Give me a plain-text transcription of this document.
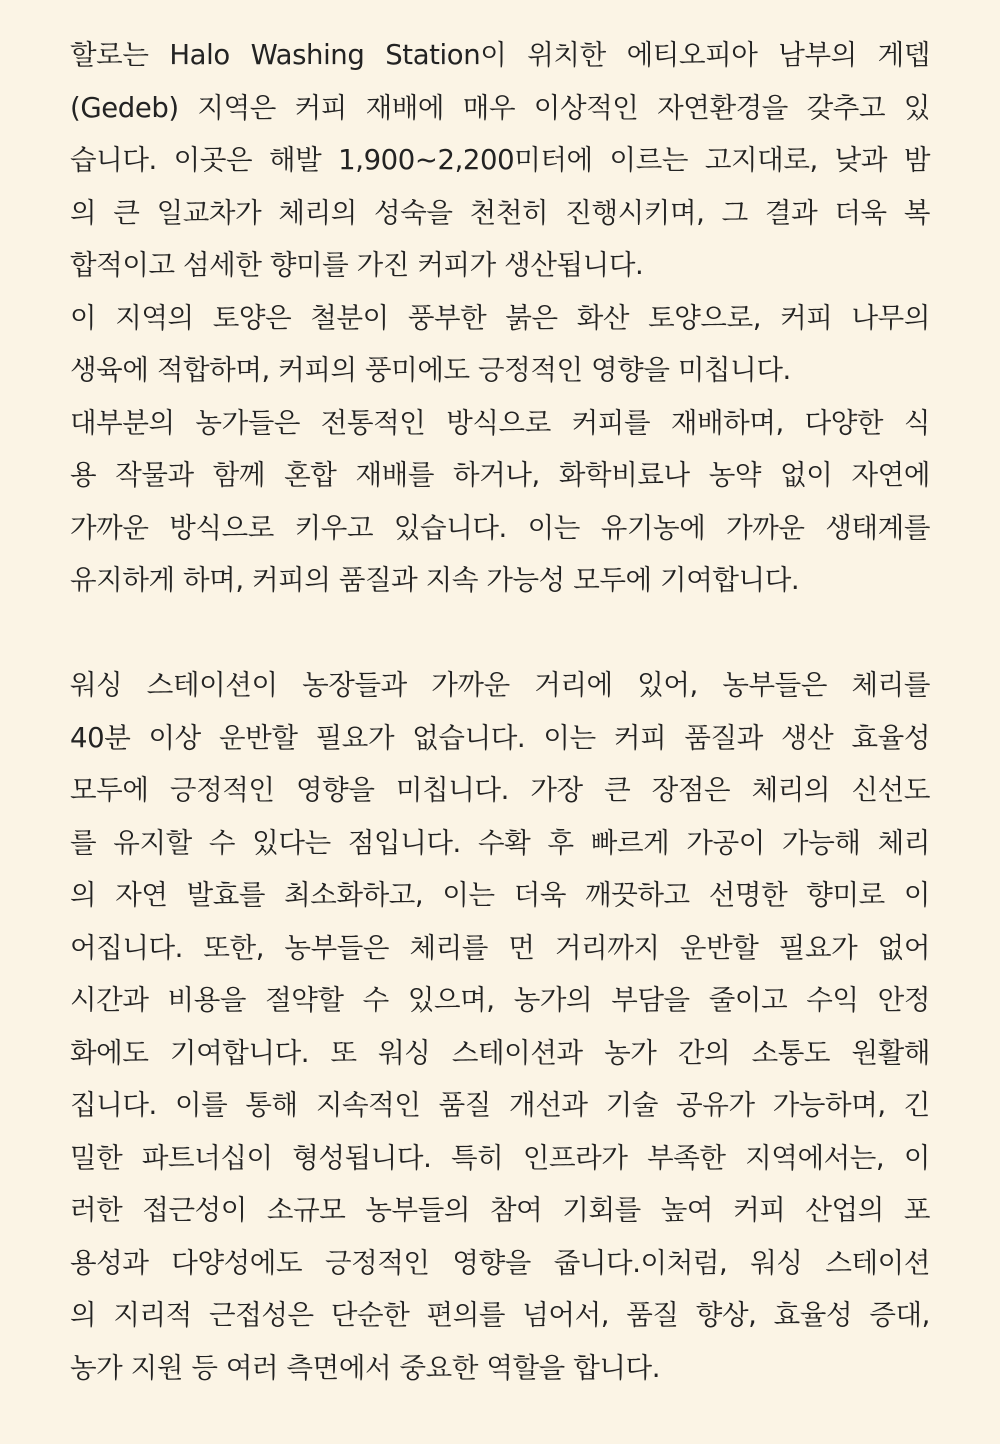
할로는 Halo Washing Station이 위치한 에티오피아 남부의 게뎁
(Gedeb) 지역은 커피 재배에 매우 이상적인 자연환경을 갖추고 있
습니다. 이곳은 해발 1,900~2,200미터에 이르는 고지대로, 낮과 밤
의 큰 일교차가 체리의 성숙을 천천히 진행시키며, 그 결과 더욱 복
합적이고 섬세한 향미를 가진 커피가 생산됩니다.
이 지역의 토양은 철분이 풍부한 붉은 화산 토양으로, 커피 나무의
생육에 적합하며, 커피의 풍미에도 긍정적인 영향을 미칩니다.
대부분의 농가들은 전통적인 방식으로 커피를 재배하며, 다양한 식
용 작물과 함께 혼합 재배를 하거나, 화학비료나 농약 없이 자연에
가까운 방식으로 키우고 있습니다. 이는 유기농에 가까운 생태계를
유지하게 하며, 커피의 품질과 지속 가능성 모두에 기여합니다.
워싱 스테이션이 농장들과 가까운 거리에 있어, 농부들은 체리를
40분 이상 운반할 필요가 없습니다. 이는 커피 품질과 생산 효율성
모두에 긍정적인 영향을 미칩니다. 가장 큰 장점은 체리의 신선도
를 유지할 수 있다는 점입니다. 수확 후 빠르게 가공이 가능해 체리
의 자연 발효를 최소화하고, 이는 더욱 깨끗하고 선명한 향미로 이
어집니다. 또한, 농부들은 체리를 먼 거리까지 운반할 필요가 없어
시간과 비용을 절약할 수 있으며, 농가의 부담을 줄이고 수익 안정
화에도 기여합니다. 또 워싱 스테이션과 농가 간의 소통도 원활해
집니다. 이를 통해 지속적인 품질 개선과 기술 공유가 가능하며, 긴
밀한 파트너십이 형성됩니다. 특히 인프라가 부족한 지역에서는, 이
러한 접근성이 소규모 농부들의 참여 기회를 높여 커피 산업의 포
용성과 다양성에도 긍정적인 영향을 줍니다.이처럼, 워싱 스테이션
의 지리적 근접성은 단순한 편의를 넘어서, 품질 향상, 효율성 증대,
농가 지원 등 여러 측면에서 중요한 역할을 합니다.
